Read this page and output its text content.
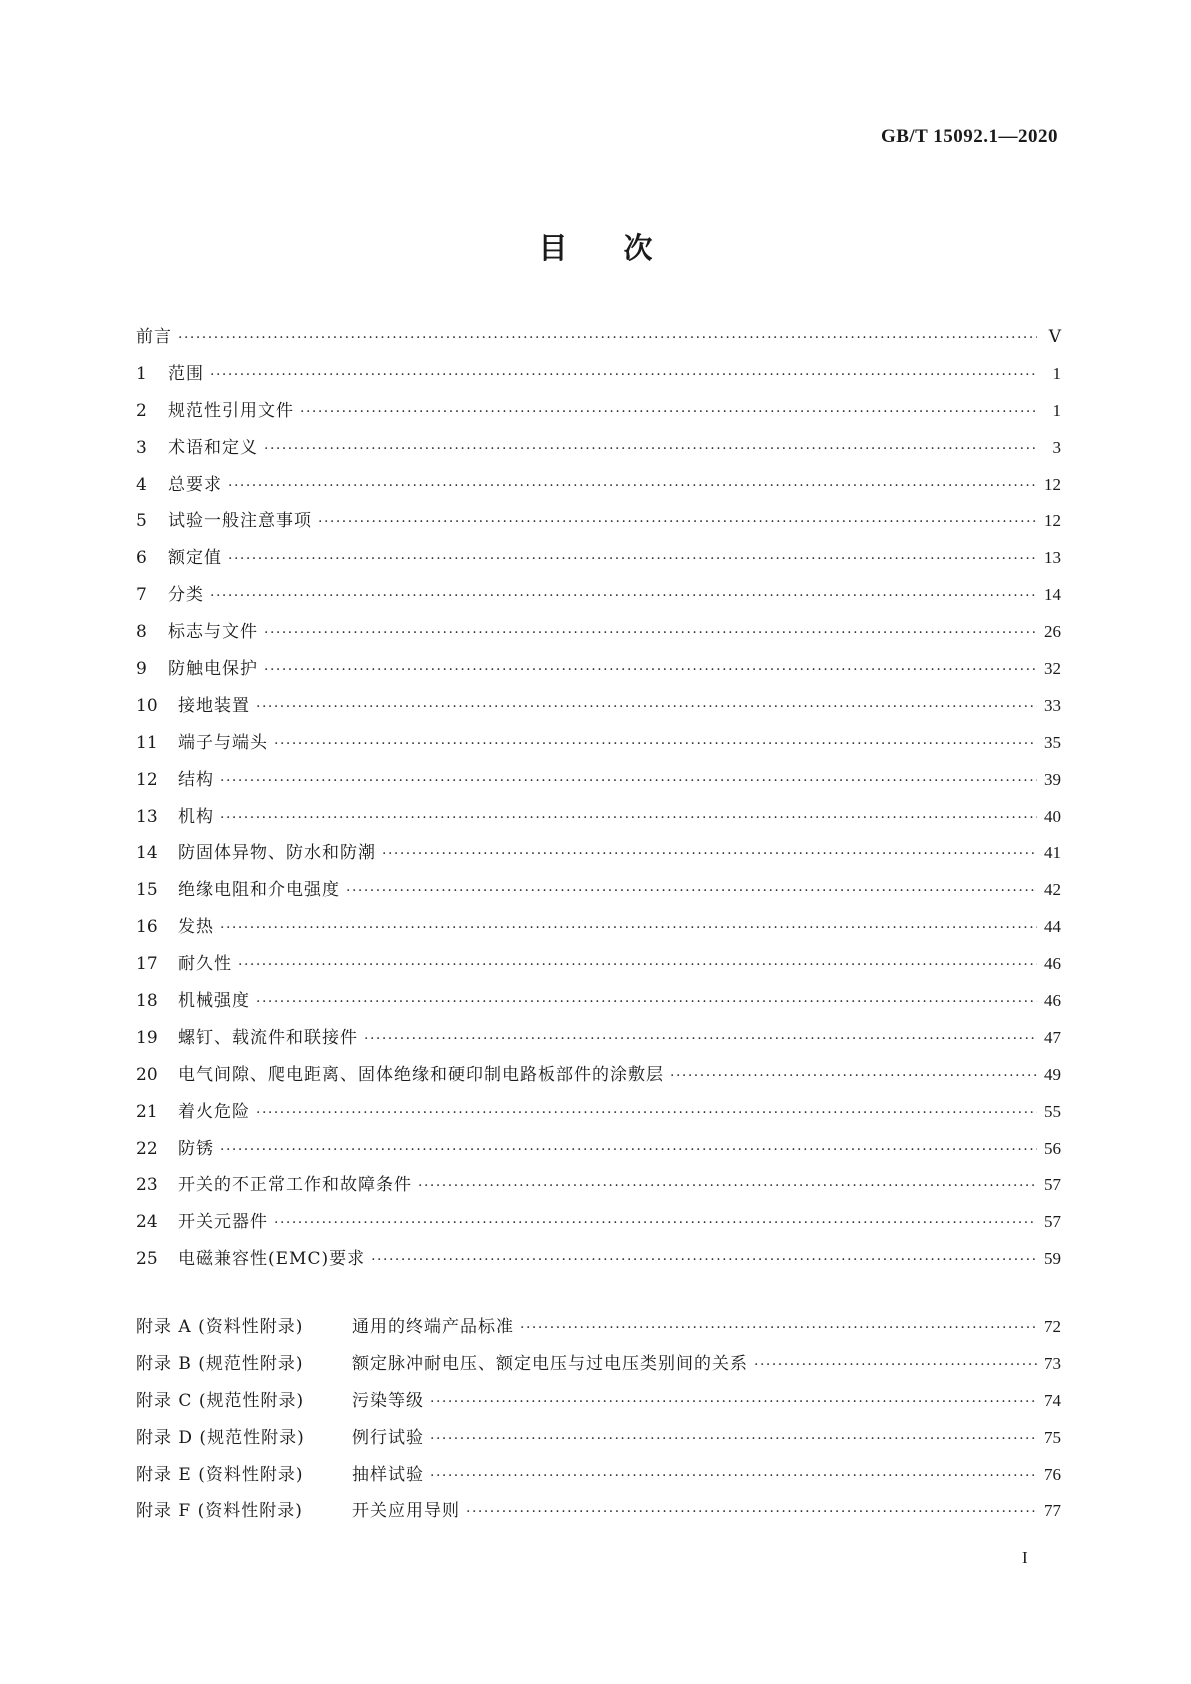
GB/T 15092.1—2020
目次
前言 ·····	Ⅴ
1	范围 ·····	1
2	规范性引用文件 ·····	1
3	术语和定义 ·····	3
4	总要求 ·····	12
5	试验一般注意事项 ·····	12
6	额定值 ·····	13
7	分类 ·····	14
8	标志与文件 ·····	26
9	防触电保护 ·····	32
10	接地装置 ·····	33
11	端子与端头 ·····	35
12	结构 ·····	39
13	机构 ·····	40
14	防固体异物、防水和防潮 ·····	41
15	绝缘电阻和介电强度 ·····	42
16	发热 ·····	44
17	耐久性 ·····	46
18	机械强度 ·····	46
19	螺钉、载流件和联接件 ·····	47
20	电气间隙、爬电距离、固体绝缘和硬印制电路板部件的涂敷层 ·····	49
21	着火危险 ·····	55
22	防锈 ·····	56
23	开关的不正常工作和故障条件 ·····	57
24	开关元器件 ·····	57
25	电磁兼容性(EMC)要求 ·····	59
附录 A (资料性附录)	通用的终端产品标准 ·····	72
附录 B (规范性附录)	额定脉冲耐电压、额定电压与过电压类别间的关系 ·····	73
附录 C (规范性附录)	污染等级 ·····	74
附录 D (规范性附录)	例行试验 ·····	75
附录 E (资料性附录)	抽样试验 ·····	76
附录 F (资料性附录)	开关应用导则 ·····	77
I
